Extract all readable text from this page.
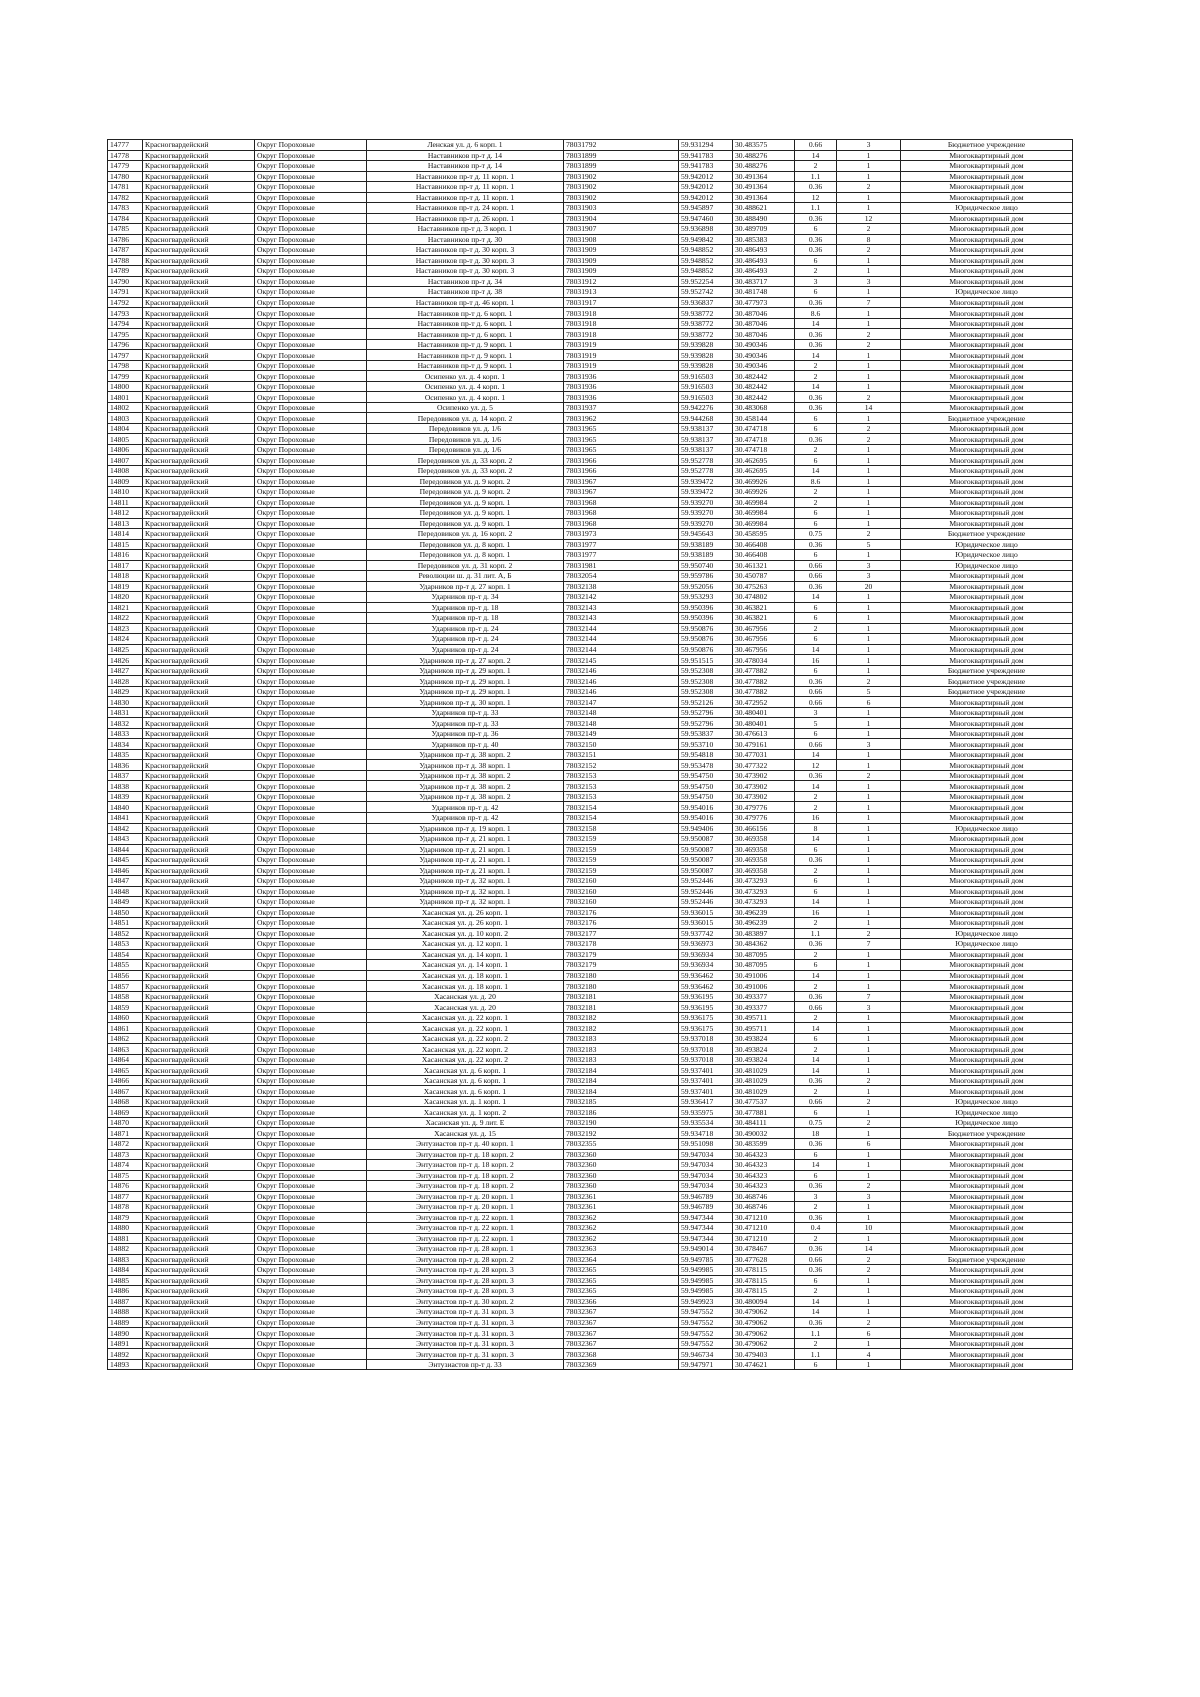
14777	Красногвардейский	Округ Пороховые	Ленская ул. д. 6 корп. 1	78031792	59.931294	30.483575	0.66	3	Бюджетное учреждение
14778	Красногвардейский	Округ Пороховые	Наставников пр-т д. 14	78031899	59.941783	30.488276	14	1	Многоквартирный дом
14779	Красногвардейский	Округ Пороховые	Наставников пр-т д. 14	78031899	59.941783	30.488276	2	1	Многоквартирный дом
14780	Красногвардейский	Округ Пороховые	Наставников пр-т д. 11 корп. 1	78031902	59.942012	30.491364	1.1	1	Многоквартирный дом
14781	Красногвардейский	Округ Пороховые	Наставников пр-т д. 11 корп. 1	78031902	59.942012	30.491364	0.36	2	Многоквартирный дом
14782	Красногвардейский	Округ Пороховые	Наставников пр-т д. 11 корп. 1	78031902	59.942012	30.491364	12	1	Многоквартирный дом
14783	Красногвардейский	Округ Пороховые	Наставников пр-т д. 24 корп. 1	78031903	59.945897	30.488621	1.1	1	Юридическое лицо
14784	Красногвардейский	Округ Пороховые	Наставников пр-т д. 26 корп. 1	78031904	59.947460	30.488490	0.36	12	Многоквартирный дом
14785	Красногвардейский	Округ Пороховые	Наставников пр-т д. 3 корп. 1	78031907	59.936898	30.489709	6	2	Многоквартирный дом
14786	Красногвардейский	Округ Пороховые	Наставников пр-т д. 30	78031908	59.949842	30.485383	0.36	8	Многоквартирный дом
14787	Красногвардейский	Округ Пороховые	Наставников пр-т д. 30 корп. 3	78031909	59.948852	30.486493	0.36	2	Многоквартирный дом
14788	Красногвардейский	Округ Пороховые	Наставников пр-т д. 30 корп. 3	78031909	59.948852	30.486493	6	1	Многоквартирный дом
14789	Красногвардейский	Округ Пороховые	Наставников пр-т д. 30 корп. 3	78031909	59.948852	30.486493	2	1	Многоквартирный дом
14790	Красногвардейский	Округ Пороховые	Наставников пр-т д. 34	78031912	59.952254	30.483717	3	3	Многоквартирный дом
14791	Красногвардейский	Округ Пороховые	Наставников пр-т д. 38	78031913	59.952742	30.481748	6	1	Юридическое лицо
14792	Красногвардейский	Округ Пороховые	Наставников пр-т д. 46 корп. 1	78031917	59.936837	30.477973	0.36	7	Многоквартирный дом
14793	Красногвардейский	Округ Пороховые	Наставников пр-т д. 6 корп. 1	78031918	59.938772	30.487046	8.6	1	Многоквартирный дом
14794	Красногвардейский	Округ Пороховые	Наставников пр-т д. 6 корп. 1	78031918	59.938772	30.487046	14	1	Многоквартирный дом
14795	Красногвардейский	Округ Пороховые	Наставников пр-т д. 6 корп. 1	78031918	59.938772	30.487046	0.36	2	Многоквартирный дом
14796	Красногвардейский	Округ Пороховые	Наставников пр-т д. 9 корп. 1	78031919	59.939828	30.490346	0.36	2	Многоквартирный дом
14797	Красногвардейский	Округ Пороховые	Наставников пр-т д. 9 корп. 1	78031919	59.939828	30.490346	14	1	Многоквартирный дом
14798	Красногвардейский	Округ Пороховые	Наставников пр-т д. 9 корп. 1	78031919	59.939828	30.490346	2	1	Многоквартирный дом
14799	Красногвардейский	Округ Пороховые	Осипенко ул. д. 4 корп. 1	78031936	59.916503	30.482442	2	1	Многоквартирный дом
14800	Красногвардейский	Округ Пороховые	Осипенко ул. д. 4 корп. 1	78031936	59.916503	30.482442	14	1	Многоквартирный дом
14801	Красногвардейский	Округ Пороховые	Осипенко ул. д. 4 корп. 1	78031936	59.916503	30.482442	0.36	2	Многоквартирный дом
14802	Красногвардейский	Округ Пороховые	Осипенко ул. д. 5	78031937	59.942276	30.483068	0.36	14	Многоквартирный дом
14803	Красногвардейский	Округ Пороховые	Передовиков ул. д. 14 корп. 2	78031962	59.944268	30.458144	6	1	Бюджетное учреждение
14804	Красногвардейский	Округ Пороховые	Передовиков ул. д. 1/6	78031965	59.938137	30.474718	6	2	Многоквартирный дом
14805	Красногвардейский	Округ Пороховые	Передовиков ул. д. 1/6	78031965	59.938137	30.474718	0.36	2	Многоквартирный дом
14806	Красногвардейский	Округ Пороховые	Передовиков ул. д. 1/6	78031965	59.938137	30.474718	2	1	Многоквартирный дом
14807	Красногвардейский	Округ Пороховые	Передовиков ул. д. 33 корп. 2	78031966	59.952778	30.462695	6	1	Многоквартирный дом
14808	Красногвардейский	Округ Пороховые	Передовиков ул. д. 33 корп. 2	78031966	59.952778	30.462695	14	1	Многоквартирный дом
14809	Красногвардейский	Округ Пороховые	Передовиков ул. д. 9 корп. 2	78031967	59.939472	30.469926	8.6	1	Многоквартирный дом
14810	Красногвардейский	Округ Пороховые	Передовиков ул. д. 9 корп. 2	78031967	59.939472	30.469926	2	1	Многоквартирный дом
14811	Красногвардейский	Округ Пороховые	Передовиков ул. д. 9 корп. 1	78031968	59.939270	30.469984	2	1	Многоквартирный дом
14812	Красногвардейский	Округ Пороховые	Передовиков ул. д. 9 корп. 1	78031968	59.939270	30.469984	6	1	Многоквартирный дом
14813	Красногвардейский	Округ Пороховые	Передовиков ул. д. 9 корп. 1	78031968	59.939270	30.469984	6	1	Многоквартирный дом
14814	Красногвардейский	Округ Пороховые	Передовиков ул. д. 16 корп. 2	78031973	59.945643	30.458595	0.75	2	Бюджетное учреждение
14815	Красногвардейский	Округ Пороховые	Передовиков ул. д. 8 корп. 1	78031977	59.938189	30.466408	0.36	5	Юридическое лицо
14816	Красногвардейский	Округ Пороховые	Передовиков ул. д. 8 корп. 1	78031977	59.938189	30.466408	6	1	Юридическое лицо
14817	Красногвардейский	Округ Пороховые	Передовиков ул. д. 31 корп. 2	78031981	59.950740	30.461321	0.66	3	Юридическое лицо
14818	Красногвардейский	Округ Пороховые	Революции ш. д. 31 лит. А, Б	78032054	59.959786	30.450787	0.66	3	Многоквартирный дом
14819	Красногвардейский	Округ Пороховые	Ударников пр-т д. 27 корп. 1	78032138	59.952056	30.475263	0.36	20	Многоквартирный дом
14820	Красногвардейский	Округ Пороховые	Ударников пр-т д. 34	78032142	59.953293	30.474802	14	1	Многоквартирный дом
14821	Красногвардейский	Округ Пороховые	Ударников пр-т д. 18	78032143	59.950396	30.463821	6	1	Многоквартирный дом
14822	Красногвардейский	Округ Пороховые	Ударников пр-т д. 18	78032143	59.950396	30.463821	6	1	Многоквартирный дом
14823	Красногвардейский	Округ Пороховые	Ударников пр-т д. 24	78032144	59.950876	30.467956	2	1	Многоквартирный дом
14824	Красногвардейский	Округ Пороховые	Ударников пр-т д. 24	78032144	59.950876	30.467956	6	1	Многоквартирный дом
14825	Красногвардейский	Округ Пороховые	Ударников пр-т д. 24	78032144	59.950876	30.467956	14	1	Многоквартирный дом
14826	Красногвардейский	Округ Пороховые	Ударников пр-т д. 27 корп. 2	78032145	59.951515	30.478034	16	1	Многоквартирный дом
14827	Красногвардейский	Округ Пороховые	Ударников пр-т д. 29 корп. 1	78032146	59.952308	30.477882	6	1	Бюджетное учреждение
14828	Красногвардейский	Округ Пороховые	Ударников пр-т д. 29 корп. 1	78032146	59.952308	30.477882	0.36	2	Бюджетное учреждение
14829	Красногвардейский	Округ Пороховые	Ударников пр-т д. 29 корп. 1	78032146	59.952308	30.477882	0.66	5	Бюджетное учреждение
14830	Красногвардейский	Округ Пороховые	Ударников пр-т д. 30 корп. 1	78032147	59.952126	30.472952	0.66	6	Многоквартирный дом
14831	Красногвардейский	Округ Пороховые	Ударников пр-т д. 33	78032148	59.952796	30.480401	3	1	Многоквартирный дом
14832	Красногвардейский	Округ Пороховые	Ударников пр-т д. 33	78032148	59.952796	30.480401	5	1	Многоквартирный дом
14833	Красногвардейский	Округ Пороховые	Ударников пр-т д. 36	78032149	59.953837	30.476613	6	1	Многоквартирный дом
14834	Красногвардейский	Округ Пороховые	Ударников пр-т д. 40	78032150	59.953710	30.479161	0.66	3	Многоквартирный дом
14835	Красногвардейский	Округ Пороховые	Ударников пр-т д. 38 корп. 2	78032151	59.954818	30.477031	14	1	Многоквартирный дом
14836	Красногвардейский	Округ Пороховые	Ударников пр-т д. 38 корп. 1	78032152	59.953478	30.477322	12	1	Многоквартирный дом
14837	Красногвардейский	Округ Пороховые	Ударников пр-т д. 38 корп. 2	78032153	59.954750	30.473902	0.36	2	Многоквартирный дом
14838	Красногвардейский	Округ Пороховые	Ударников пр-т д. 38 корп. 2	78032153	59.954750	30.473902	14	1	Многоквартирный дом
14839	Красногвардейский	Округ Пороховые	Ударников пр-т д. 38 корп. 2	78032153	59.954750	30.473902	2	1	Многоквартирный дом
14840	Красногвардейский	Округ Пороховые	Ударников пр-т д. 42	78032154	59.954016	30.479776	2	1	Многоквартирный дом
14841	Красногвардейский	Округ Пороховые	Ударников пр-т д. 42	78032154	59.954016	30.479776	16	1	Многоквартирный дом
14842	Красногвардейский	Округ Пороховые	Ударников пр-т д. 19 корп. 1	78032158	59.949406	30.466156	8	1	Юридическое лицо
14843	Красногвардейский	Округ Пороховые	Ударников пр-т д. 21 корп. 1	78032159	59.950087	30.469358	14	1	Многоквартирный дом
14844	Красногвардейский	Округ Пороховые	Ударников пр-т д. 21 корп. 1	78032159	59.950087	30.469358	6	1	Многоквартирный дом
14845	Красногвардейский	Округ Пороховые	Ударников пр-т д. 21 корп. 1	78032159	59.950087	30.469358	0.36	1	Многоквартирный дом
14846	Красногвардейский	Округ Пороховые	Ударников пр-т д. 21 корп. 1	78032159	59.950087	30.469358	2	1	Многоквартирный дом
14847	Красногвардейский	Округ Пороховые	Ударников пр-т д. 32 корп. 1	78032160	59.952446	30.473293	6	1	Многоквартирный дом
14848	Красногвардейский	Округ Пороховые	Ударников пр-т д. 32 корп. 1	78032160	59.952446	30.473293	6	1	Многоквартирный дом
14849	Красногвардейский	Округ Пороховые	Ударников пр-т д. 32 корп. 1	78032160	59.952446	30.473293	14	1	Многоквартирный дом
14850	Красногвардейский	Округ Пороховые	Хасанская ул. д. 26 корп. 1	78032176	59.936015	30.496239	16	1	Многоквартирный дом
14851	Красногвардейский	Округ Пороховые	Хасанская ул. д. 26 корп. 1	78032176	59.936015	30.496239	2	1	Многоквартирный дом
14852	Красногвардейский	Округ Пороховые	Хасанская ул. д. 10 корп. 2	78032177	59.937742	30.483897	1.1	2	Юридическое лицо
14853	Красногвардейский	Округ Пороховые	Хасанская ул. д. 12 корп. 1	78032178	59.936973	30.484362	0.36	7	Юридическое лицо
14854	Красногвардейский	Округ Пороховые	Хасанская ул. д. 14 корп. 1	78032179	59.936934	30.487095	2	1	Многоквартирный дом
14855	Красногвардейский	Округ Пороховые	Хасанская ул. д. 14 корп. 1	78032179	59.936934	30.487095	6	1	Многоквартирный дом
14856	Красногвардейский	Округ Пороховые	Хасанская ул. д. 18 корп. 1	78032180	59.936462	30.491006	14	1	Многоквартирный дом
14857	Красногвардейский	Округ Пороховые	Хасанская ул. д. 18 корп. 1	78032180	59.936462	30.491006	2	1	Многоквартирный дом
14858	Красногвардейский	Округ Пороховые	Хасанская ул. д. 20	78032181	59.936195	30.493377	0.36	7	Многоквартирный дом
14859	Красногвардейский	Округ Пороховые	Хасанская ул. д. 20	78032181	59.936195	30.493377	0.66	3	Многоквартирный дом
14860	Красногвардейский	Округ Пороховые	Хасанская ул. д. 22 корп. 1	78032182	59.936175	30.495711	2	1	Многоквартирный дом
14861	Красногвардейский	Округ Пороховые	Хасанская ул. д. 22 корп. 1	78032182	59.936175	30.495711	14	1	Многоквартирный дом
14862	Красногвардейский	Округ Пороховые	Хасанская ул. д. 22 корп. 2	78032183	59.937018	30.493824	6	1	Многоквартирный дом
14863	Красногвардейский	Округ Пороховые	Хасанская ул. д. 22 корп. 2	78032183	59.937018	30.493824	2	1	Многоквартирный дом
14864	Красногвардейский	Округ Пороховые	Хасанская ул. д. 22 корп. 2	78032183	59.937018	30.493824	14	1	Многоквартирный дом
14865	Красногвардейский	Округ Пороховые	Хасанская ул. д. 6 корп. 1	78032184	59.937401	30.481029	14	1	Многоквартирный дом
14866	Красногвардейский	Округ Пороховые	Хасанская ул. д. 6 корп. 1	78032184	59.937401	30.481029	0.36	2	Многоквартирный дом
14867	Красногвардейский	Округ Пороховые	Хасанская ул. д. 6 корп. 1	78032184	59.937401	30.481029	2	1	Многоквартирный дом
14868	Красногвардейский	Округ Пороховые	Хасанская ул. д. 1 корп. 1	78032185	59.936417	30.477537	0.66	2	Юридическое лицо
14869	Красногвардейский	Округ Пороховые	Хасанская ул. д. 1 корп. 2	78032186	59.935975	30.477881	6	1	Юридическое лицо
14870	Красногвардейский	Округ Пороховые	Хасанская ул. д. 9 лит. Е	78032190	59.935534	30.484111	0.75	2	Юридическое лицо
14871	Красногвардейский	Округ Пороховые	Хасанская ул. д. 15	78032192	59.934718	30.490032	18	1	Бюджетное учреждение
14872	Красногвардейский	Округ Пороховые	Энтузиастов пр-т д. 40 корп. 1	78032355	59.951098	30.483599	0.36	6	Многоквартирный дом
14873	Красногвардейский	Округ Пороховые	Энтузиастов пр-т д. 18 корп. 2	78032360	59.947034	30.464323	6	1	Многоквартирный дом
14874	Красногвардейский	Округ Пороховые	Энтузиастов пр-т д. 18 корп. 2	78032360	59.947034	30.464323	14	1	Многоквартирный дом
14875	Красногвардейский	Округ Пороховые	Энтузиастов пр-т д. 18 корп. 2	78032360	59.947034	30.464323	6	1	Многоквартирный дом
14876	Красногвардейский	Округ Пороховые	Энтузиастов пр-т д. 18 корп. 2	78032360	59.947034	30.464323	0.36	2	Многоквартирный дом
14877	Красногвардейский	Округ Пороховые	Энтузиастов пр-т д. 20 корп. 1	78032361	59.946789	30.468746	3	3	Многоквартирный дом
14878	Красногвардейский	Округ Пороховые	Энтузиастов пр-т д. 20 корп. 1	78032361	59.946789	30.468746	2	1	Многоквартирный дом
14879	Красногвардейский	Округ Пороховые	Энтузиастов пр-т д. 22 корп. 1	78032362	59.947344	30.471210	0.36	1	Многоквартирный дом
14880	Красногвардейский	Округ Пороховые	Энтузиастов пр-т д. 22 корп. 1	78032362	59.947344	30.471210	0.4	10	Многоквартирный дом
14881	Красногвардейский	Округ Пороховые	Энтузиастов пр-т д. 22 корп. 1	78032362	59.947344	30.471210	2	1	Многоквартирный дом
14882	Красногвардейский	Округ Пороховые	Энтузиастов пр-т д. 28 корп. 1	78032363	59.949014	30.478467	0.36	14	Многоквартирный дом
14883	Красногвардейский	Округ Пороховые	Энтузиастов пр-т д. 28 корп. 2	78032364	59.949785	30.477628	0.66	2	Бюджетное учреждение
14884	Красногвардейский	Округ Пороховые	Энтузиастов пр-т д. 28 корп. 3	78032365	59.949985	30.478115	0.36	2	Многоквартирный дом
14885	Красногвардейский	Округ Пороховые	Энтузиастов пр-т д. 28 корп. 3	78032365	59.949985	30.478115	6	1	Многоквартирный дом
14886	Красногвардейский	Округ Пороховые	Энтузиастов пр-т д. 28 корп. 3	78032365	59.949985	30.478115	2	1	Многоквартирный дом
14887	Красногвардейский	Округ Пороховые	Энтузиастов пр-т д. 30 корп. 2	78032366	59.949923	30.480094	14	1	Многоквартирный дом
14888	Красногвардейский	Округ Пороховые	Энтузиастов пр-т д. 31 корп. 3	78032367	59.947552	30.479062	14	1	Многоквартирный дом
14889	Красногвардейский	Округ Пороховые	Энтузиастов пр-т д. 31 корп. 3	78032367	59.947552	30.479062	0.36	2	Многоквартирный дом
14890	Красногвардейский	Округ Пороховые	Энтузиастов пр-т д. 31 корп. 3	78032367	59.947552	30.479062	1.1	6	Многоквартирный дом
14891	Красногвардейский	Округ Пороховые	Энтузиастов пр-т д. 31 корп. 3	78032367	59.947552	30.479062	2	1	Многоквартирный дом
14892	Красногвардейский	Округ Пороховые	Энтузиастов пр-т д. 31 корп. 3	78032368	59.946734	30.479403	1.1	4	Многоквартирный дом
14893	Красногвардейский	Округ Пороховые	Энтузиастов пр-т д. 33	78032369	59.947971	30.474621	6	1	Многоквартирный дом
